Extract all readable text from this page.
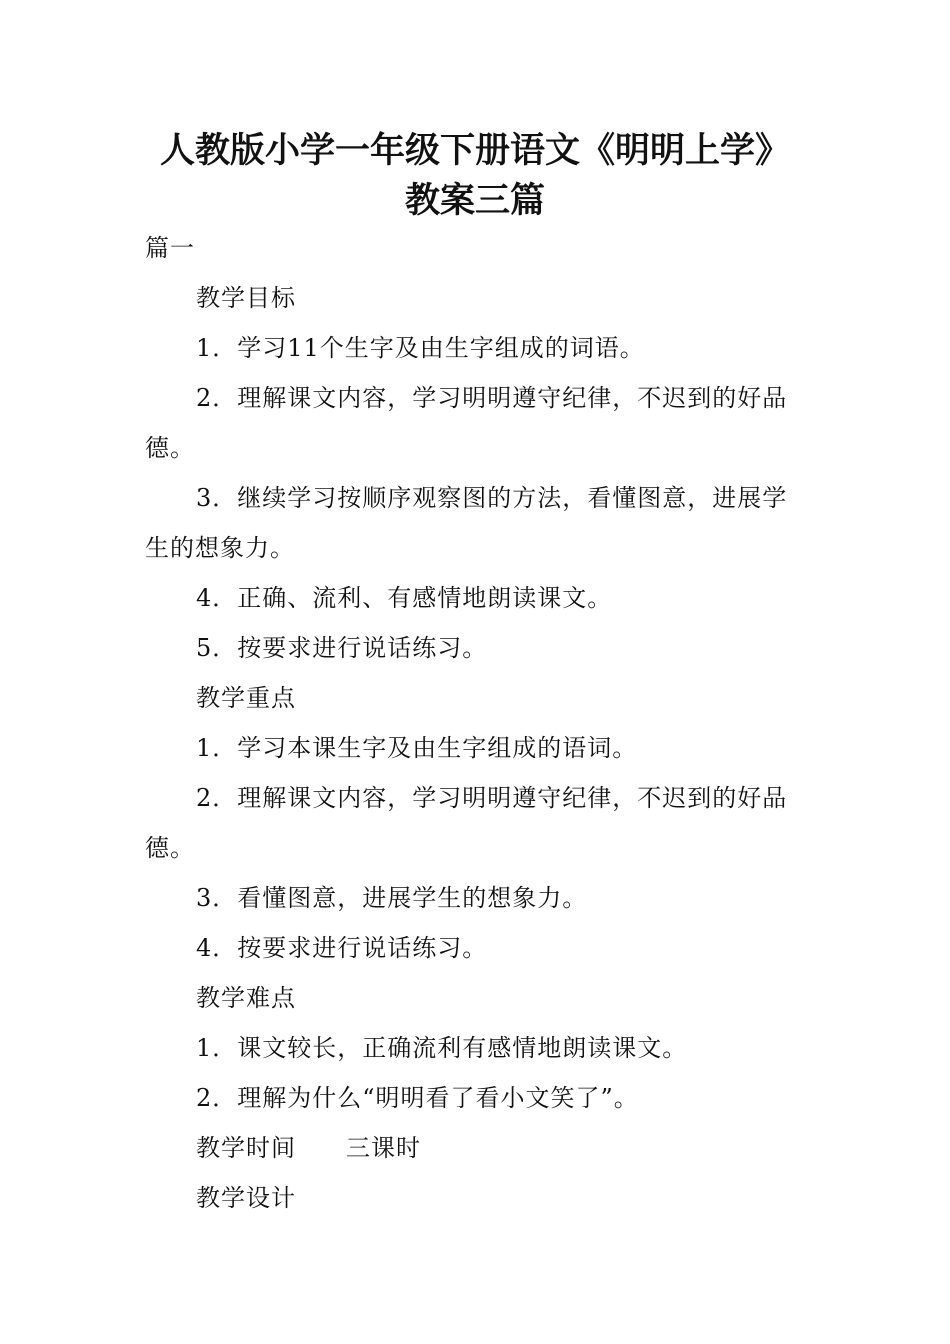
人教版小学一年级下册语文《明明上学》
教案三篇
篇一
教学目标
1．学习11个生字及由生字组成的词语。
2．理解课文内容，学习明明遵守纪律，不迟到的好品
德。
3．继续学习按顺序观察图的方法，看懂图意，进展学
生的想象力。
4．正确、流利、有感情地朗读课文。
5．按要求进行说话练习。
教学重点
1．学习本课生字及由生字组成的语词。
2．理解课文内容，学习明明遵守纪律，不迟到的好品
德。
3．看懂图意，进展学生的想象力。
4．按要求进行说话练习。
教学难点
1．课文较长，正确流利有感情地朗读课文。
2．理解为什么“明明看了看小文笑了”。
教学时间　　三课时
教学设计
